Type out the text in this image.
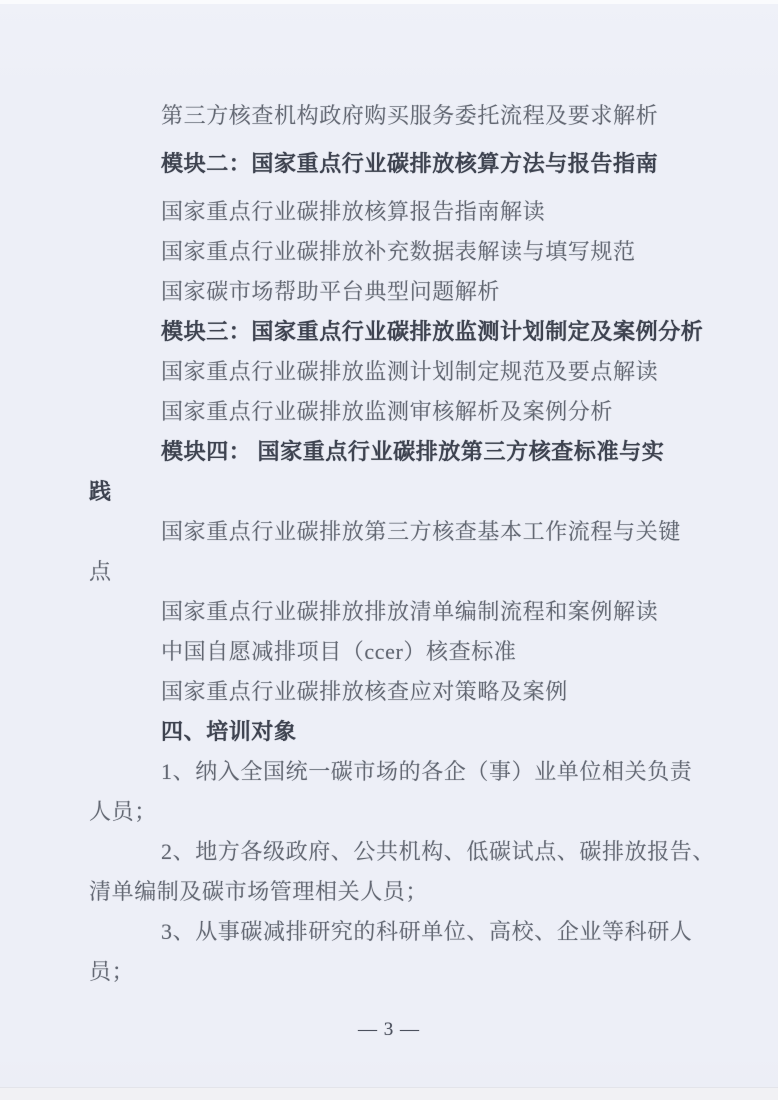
第三方核查机构政府购买服务委托流程及要求解析
模块二：国家重点行业碳排放核算方法与报告指南
国家重点行业碳排放核算报告指南解读
国家重点行业碳排放补充数据表解读与填写规范
国家碳市场帮助平台典型问题解析
模块三：国家重点行业碳排放监测计划制定及案例分析
国家重点行业碳排放监测计划制定规范及要点解读
国家重点行业碳排放监测审核解析及案例分析
模块四： 国家重点行业碳排放第三方核查标准与实
践
国家重点行业碳排放第三方核查基本工作流程与关键
点
国家重点行业碳排放排放清单编制流程和案例解读
中国自愿减排项目（ccer）核查标准
国家重点行业碳排放核查应对策略及案例
四、培训对象
1、纳入全国统一碳市场的各企（事）业单位相关负责
人员；
2、地方各级政府、公共机构、低碳试点、碳排放报告、
清单编制及碳市场管理相关人员；
3、从事碳减排研究的科研单位、高校、企业等科研人
员；
— 3 —
